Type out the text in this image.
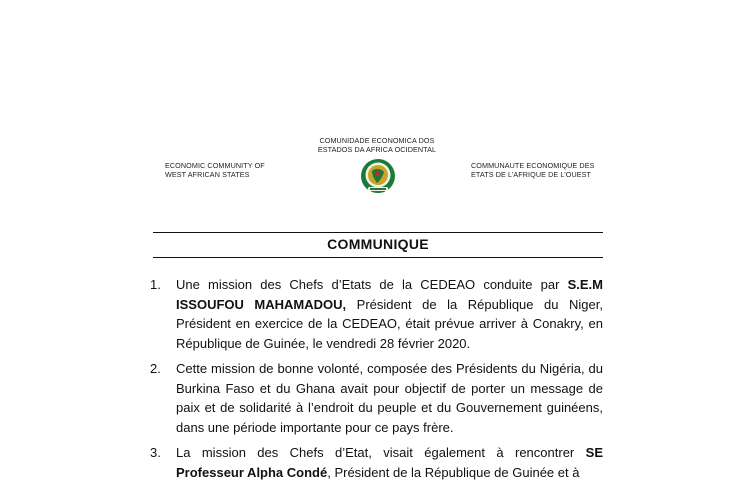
ECONOMIC COMMUNITY OF
WEST AFRICAN STATES
COMUNIDADE ECONOMICA DOS
ESTADOS DA AFRICA OCIDENTAL
COMMUNAUTE ECONOMIQUE DES
ETATS DE L’AFRIQUE DE L’OUEST
COMMUNIQUE
1. Une mission des Chefs d’Etats de la CEDEAO conduite par S.E.M ISSOUFOU MAHAMADOU, Président de la République du Niger, Président en exercice de la CEDEAO, était prévue arriver à Conakry, en République de Guinée, le vendredi 28 février 2020.
2. Cette mission de bonne volonté, composée des Présidents du Nigéria, du Burkina Faso et du Ghana avait pour objectif de porter un message de paix et de solidarité à l’endroit du peuple et du Gouvernement guinéens, dans une période importante pour ce pays frère.
3. La mission des Chefs d’Etat, visait également à rencontrer SE Professeur Alpha Condé, Président de la République de Guinée et à
